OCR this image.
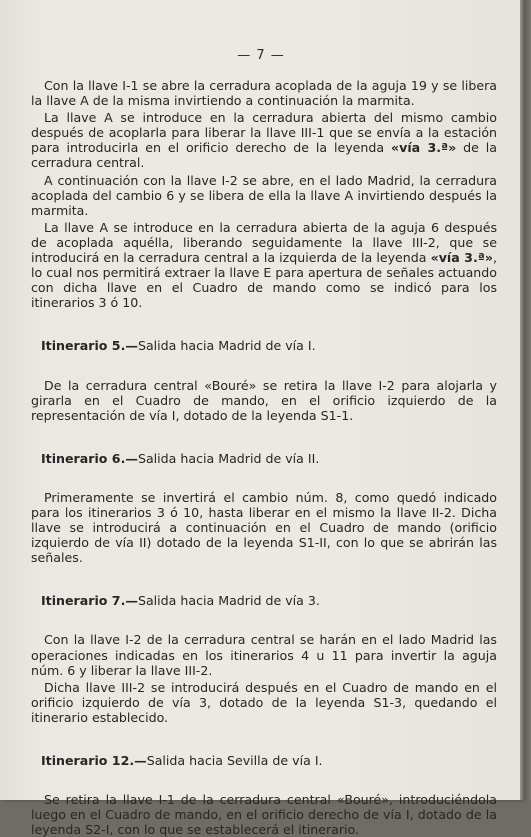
— 7 —

Con la llave I-1 se abre la cerradura acoplada de la aguja 19 y se libera la llave A de la misma invirtiendo a continuación la marmita.

La llave A se introduce en la cerradura abierta del mismo cambio después de acoplarla para liberar la llave III-1 que se envía a la estación para introducirla en el orificio derecho de la leyenda «vía 3.ª» de la cerradura central.

A continuación con la llave I-2 se abre, en el lado Madrid, la cerradura acoplada del cambio 6 y se libera de ella la llave A invirtiendo después la marmita.

La llave A se introduce en la cerradura abierta de la aguja 6 después de acoplada aquélla, liberando seguidamente la llave III-2, que se introducirá en la cerradura central a la izquierda de la leyenda «vía 3.ª», lo cual nos permitirá extraer la llave E para apertura de señales actuando con dicha llave en el Cuadro de mando como se indicó para los itinerarios 3 ó 10.

Itinerario 5.—Salida hacia Madrid de vía I.

De la cerradura central «Bouré» se retira la llave I-2 para alojarla y girarla en el Cuadro de mando, en el orificio izquierdo de la representación de vía I, dotado de la leyenda S1-1.

Itinerario 6.—Salida hacia Madrid de vía II.

Primeramente se invertirá el cambio núm. 8, como quedó indicado para los itinerarios 3 ó 10, hasta liberar en el mismo la llave II-2. Dicha llave se introducirá a continuación en el Cuadro de mando (orificio izquierdo de vía II) dotado de la leyenda S1-II, con lo que se abrirán las señales.

Itinerario 7.—Salida hacia Madrid de vía 3.

Con la llave I-2 de la cerradura central se harán en el lado Madrid las operaciones indicadas en los itinerarios 4 u 11 para invertir la aguja núm. 6 y liberar la llave III-2.

Dicha llave III-2 se introducirá después en el Cuadro de mando en el orificio izquierdo de vía 3, dotado de la leyenda S1-3, quedando el itinerario establecido.

Itinerario 12.—Salida hacia Sevilla de vía I.

Se retira la llave I-1 de la cerradura central «Bouré», introduciéndola luego en el Cuadro de mando, en el orificio derecho de vía I, dotado de la leyenda S2-I, con lo que se establecerá el itinerario.
